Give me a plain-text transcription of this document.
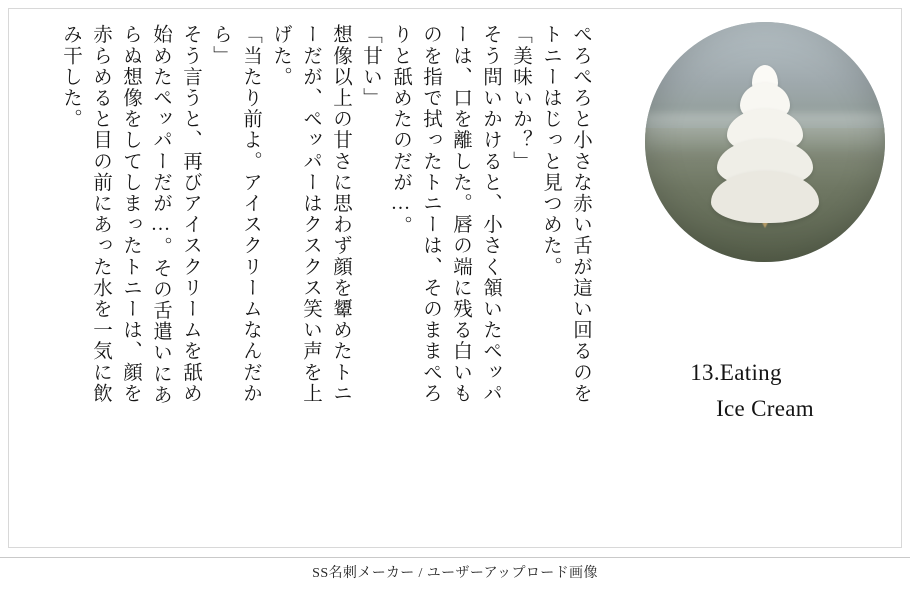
ぺろぺろと小さな赤い舌が這い回るのを
トニーはじっと見つめた。
「美味いか？」
そう問いかけると、小さく頷いたペッパ
ーは、口を離した。唇の端に残る白いも
のを指で拭ったトニーは、そのままぺろ
りと舐めたのだが…。
「甘い」
想像以上の甘さに思わず顔を顰めたトニ
ーだが、ペッパーはクスクス笑い声を上
げた。
「当たり前よ。アイスクリームなんだか
ら」
そう言うと、再びアイスクリームを舐め
始めたペッパーだが…。その舌遣いにあ
らぬ想像をしてしまったトニーは、顔を
赤らめると目の前にあった水を一気に飲
み干した。
13.Eating
Ice Cream
SS名刺メーカー / ユーザーアップロード画像
